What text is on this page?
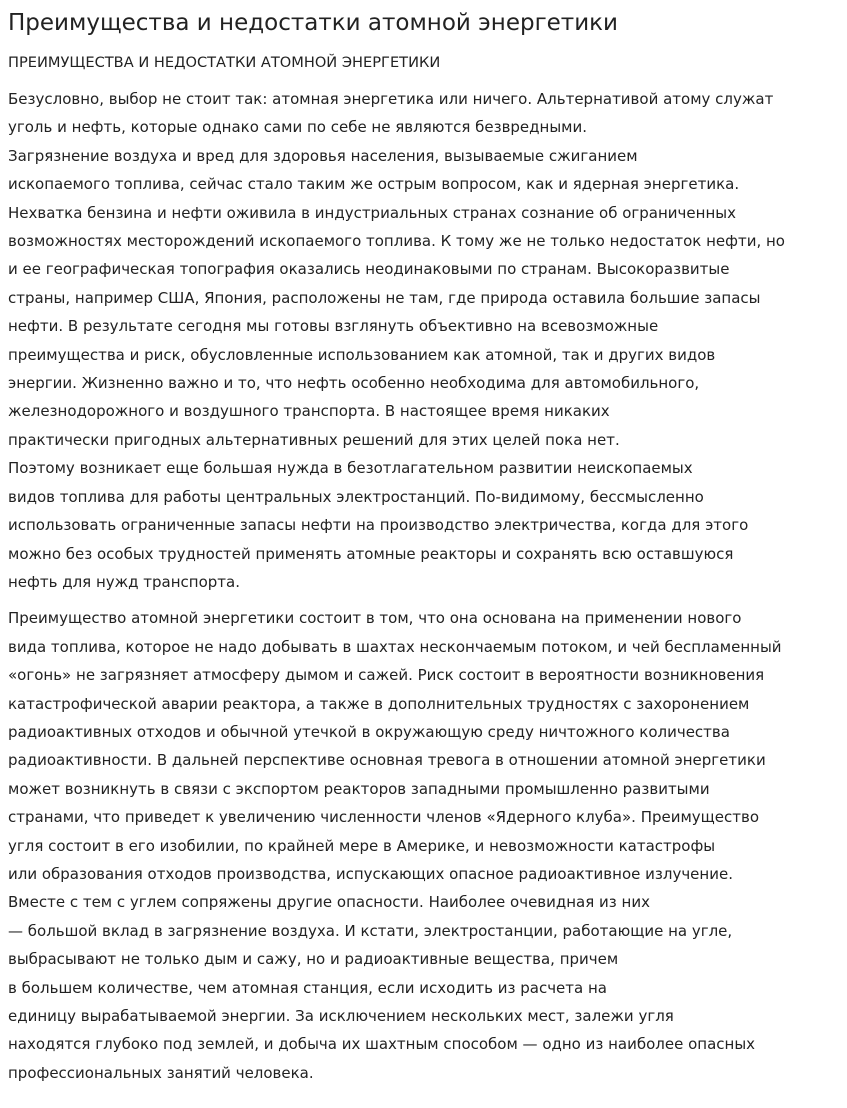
Преимущества и недостатки атомной энергетики
ПРЕИМУЩЕСТВА И НЕДОСТАТКИ АТОМНОЙ ЭНЕРГЕТИКИ

Безусловно, выбор не стоит так: атомная энергетика или ничего. Альтернативой атому служат
уголь и нефть, которые однако сами по себе не являются безвредными.
Загрязнение воздуха и вред для здоровья населения, вызываемые сжиганием
ископаемого топлива, сейчас стало таким же острым вопросом, как и ядерная энергетика.
Нехватка бензина и нефти оживила в индустриальных странах сознание об ограниченных
возможностях месторождений ископаемого топлива. К тому же не только недостаток нефти, но
и ее географическая топография оказались неодинаковыми по странам. Высокоразвитые
страны, например США, Япония, расположены не там, где природа оставила большие запасы
нефти. В результате сегодня мы готовы взглянуть объективно на всевозможные
преимущества и риск, обусловленные использованием как атомной, так и других видов
энергии. Жизненно важно и то, что нефть особенно необходима для автомобильного,
железнодорожного и воздушного транспорта. В настоящее время никаких
практически пригодных альтернативных решений для этих целей пока нет.
Поэтому возникает еще большая нужда в безотлагательном развитии неископаемых
видов топлива для работы центральных электростанций. По-видимому, бессмысленно
использовать ограниченные запасы нефти на производство электричества, когда для этого
можно без особых трудностей применять атомные реакторы и сохранять всю оставшуюся
нефть для нужд транспорта.

Преимущество атомной энергетики состоит в том, что она основана на применении нового
вида топлива, которое не надо добывать в шахтах нескончаемым потоком, и чей беспламенный
«огонь» не загрязняет атмосферу дымом и сажей. Риск состоит в вероятности возникновения
катастрофической аварии реактора, а также в дополнительных трудностях с захоронением
радиоактивных отходов и обычной утечкой в окружающую среду ничтожного количества
радиоактивности. В дальней перспективе основная тревога в отношении атомной энергетики
может возникнуть в связи с экспортом реакторов западными промышленно развитыми
странами, что приведет к увеличению численности членов «Ядерного клуба». Преимущество
угля состоит в его изобилии, по крайней мере в Америке, и невозможности катастрофы
или образования отходов производства, испускающих опасное радиоактивное излучение.
Вместе с тем с углем сопряжены другие опасности. Наиболее очевидная из них
— большой вклад в загрязнение воздуха. И кстати, электростанции, работающие на угле,
выбрасывают не только дым и сажу, но и радиоактивные вещества, причем
в большем количестве, чем атомная станция, если исходить из расчета на
единицу вырабатываемой энергии. За исключением нескольких мест, залежи угля
находятся глубоко под землей, и добыча их шахтным способом — одно из наиболее опасных
профессиональных занятий человека.
